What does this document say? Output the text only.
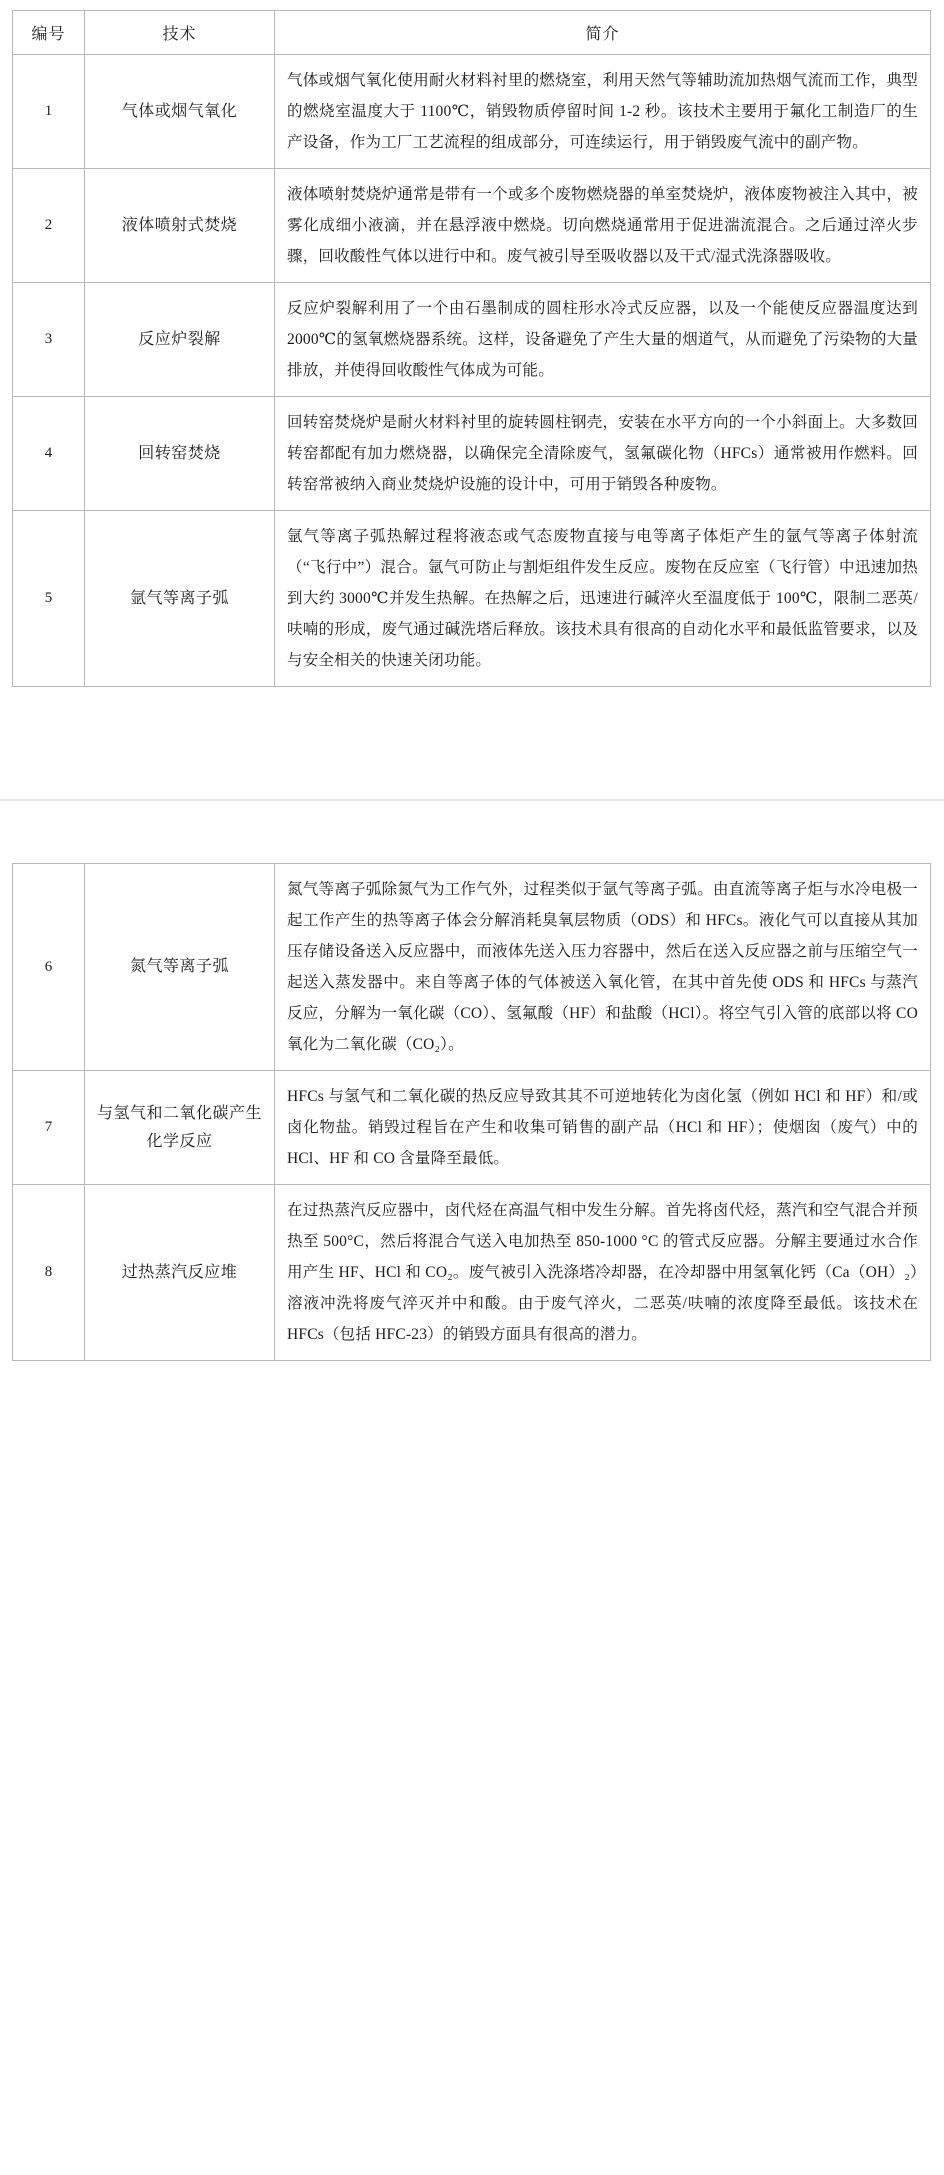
编号	技术	简介
1	气体或烟气氧化	气体或烟气氧化使用耐火材料衬里的燃烧室，利用天然气等辅助流加热烟气流而工作，典型的燃烧室温度大于 1100℃，销毁物质停留时间 1-2 秒。该技术主要用于氟化工制造厂的生产设备，作为工厂工艺流程的组成部分，可连续运行，用于销毁废气流中的副产物。
2	液体喷射式焚烧	液体喷射焚烧炉通常是带有一个或多个废物燃烧器的单室焚烧炉，液体废物被注入其中，被雾化成细小液滴，并在悬浮液中燃烧。切向燃烧通常用于促进湍流混合。之后通过淬火步骤，回收酸性气体以进行中和。废气被引导至吸收器以及干式/湿式洗涤器吸收。
3	反应炉裂解	反应炉裂解利用了一个由石墨制成的圆柱形水冷式反应器，以及一个能使反应器温度达到 2000℃的氢氧燃烧器系统。这样，设备避免了产生大量的烟道气，从而避免了污染物的大量排放，并使得回收酸性气体成为可能。
4	回转窑焚烧	回转窑焚烧炉是耐火材料衬里的旋转圆柱钢壳，安装在水平方向的一个小斜面上。大多数回转窑都配有加力燃烧器，以确保完全清除废气，氢氟碳化物（HFCs）通常被用作燃料。回转窑常被纳入商业焚烧炉设施的设计中，可用于销毁各种废物。
5	氩气等离子弧	氩气等离子弧热解过程将液态或气态废物直接与电等离子体炬产生的氩气等离子体射流（“飞行中”）混合。氩气可防止与割炬组件发生反应。废物在反应室（飞行管）中迅速加热到大约 3000℃并发生热解。在热解之后，迅速进行碱淬火至温度低于 100℃，限制二恶英/呋喃的形成，废气通过碱洗塔后释放。该技术具有很高的自动化水平和最低监管要求，以及与安全相关的快速关闭功能。
6	氮气等离子弧	氮气等离子弧除氮气为工作气外，过程类似于氩气等离子弧。由直流等离子炬与水冷电极一起工作产生的热等离子体会分解消耗臭氧层物质（ODS）和 HFCs。液化气可以直接从其加压存储设备送入反应器中，而液体先送入压力容器中，然后在送入反应器之前与压缩空气一起送入蒸发器中。来自等离子体的气体被送入氧化管，在其中首先使 ODS 和 HFCs 与蒸汽反应，分解为一氧化碳（CO）、氢氟酸（HF）和盐酸（HCl）。将空气引入管的底部以将 CO 氧化为二氧化碳（CO₂）。
7	与氢气和二氧化碳产生化学反应	HFCs 与氢气和二氧化碳的热反应导致其其不可逆地转化为卤化氢（例如 HCl 和 HF）和/或卤化物盐。销毁过程旨在产生和收集可销售的副产品（HCl 和 HF）；使烟囱（废气）中的 HCl、HF 和 CO 含量降至最低。
8	过热蒸汽反应堆	在过热蒸汽反应器中，卤代烃在高温气相中发生分解。首先将卤代烃，蒸汽和空气混合并预热至 500°C，然后将混合气送入电加热至 850-1000 °C 的管式反应器。分解主要通过水合作用产生 HF、HCl 和 CO₂。废气被引入洗涤塔冷却器，在冷却器中用氢氧化钙（Ca（OH）₂）溶液冲洗将废气淬灭并中和酸。由于废气淬火，二恶英/呋喃的浓度降至最低。该技术在 HFCs（包括 HFC-23）的销毁方面具有很高的潜力。
